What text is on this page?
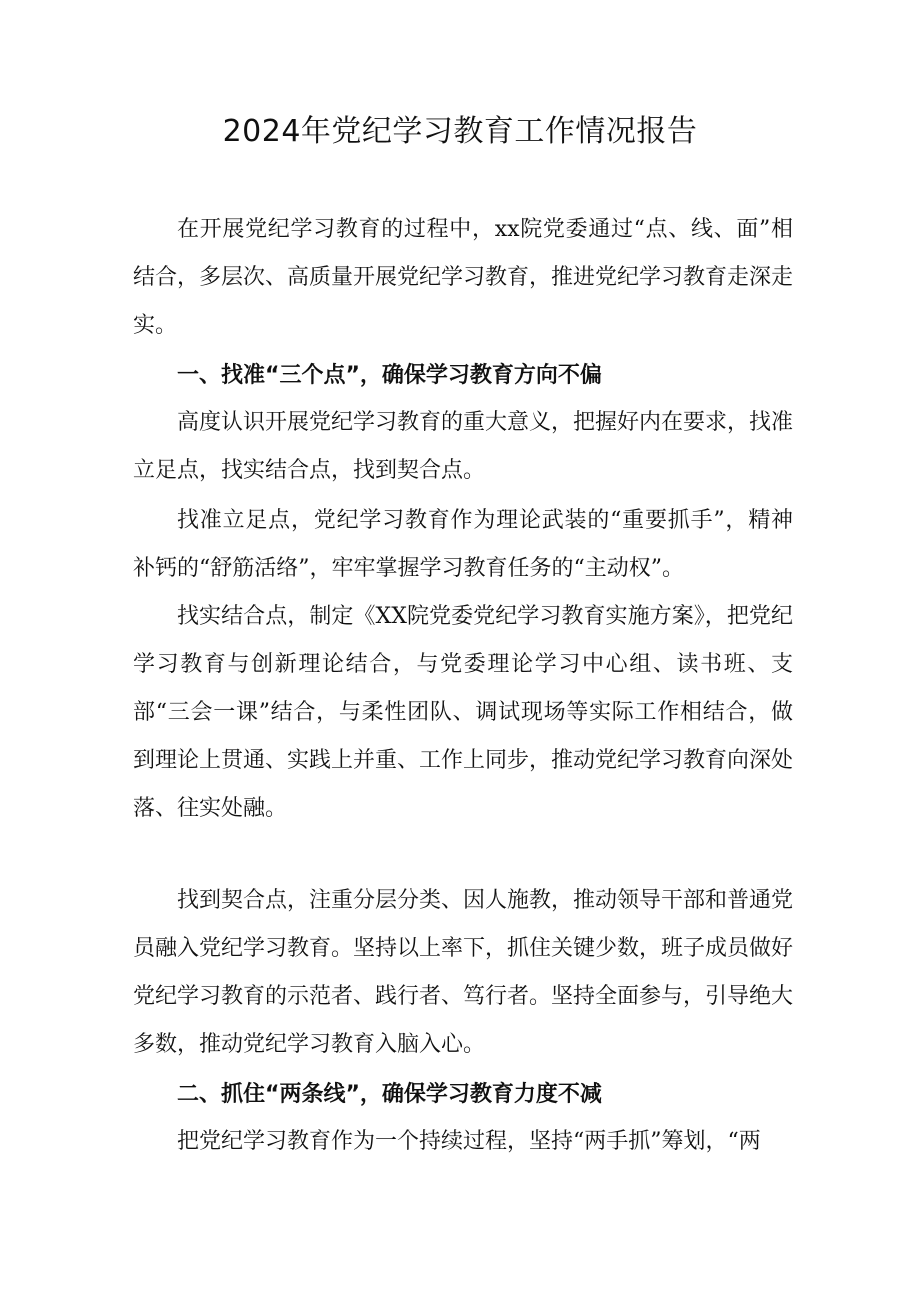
2024年党纪学习教育工作情况报告

在开展党纪学习教育的过程中，xx院党委通过“点、线、面”相结合，多层次、高质量开展党纪学习教育，推进党纪学习教育走深走实。

一、找准“三个点”，确保学习教育方向不偏

高度认识开展党纪学习教育的重大意义，把握好内在要求，找准立足点，找实结合点，找到契合点。

找准立足点，党纪学习教育作为理论武装的“重要抓手”，精神补钙的“舒筋活络”，牢牢掌握学习教育任务的“主动权”。

找实结合点，制定《XX院党委党纪学习教育实施方案》，把党纪学习教育与创新理论结合，与党委理论学习中心组、读书班、支部“三会一课”结合，与柔性团队、调试现场等实际工作相结合，做到理论上贯通、实践上并重、工作上同步，推动党纪学习教育向深处落、往实处融。

找到契合点，注重分层分类、因人施教，推动领导干部和普通党员融入党纪学习教育。坚持以上率下，抓住关键少数，班子成员做好党纪学习教育的示范者、践行者、笃行者。坚持全面参与，引导绝大多数，推动党纪学习教育入脑入心。

二、抓住“两条线”，确保学习教育力度不减

把党纪学习教育作为一个持续过程，坚持“两手抓”筹划，“两
